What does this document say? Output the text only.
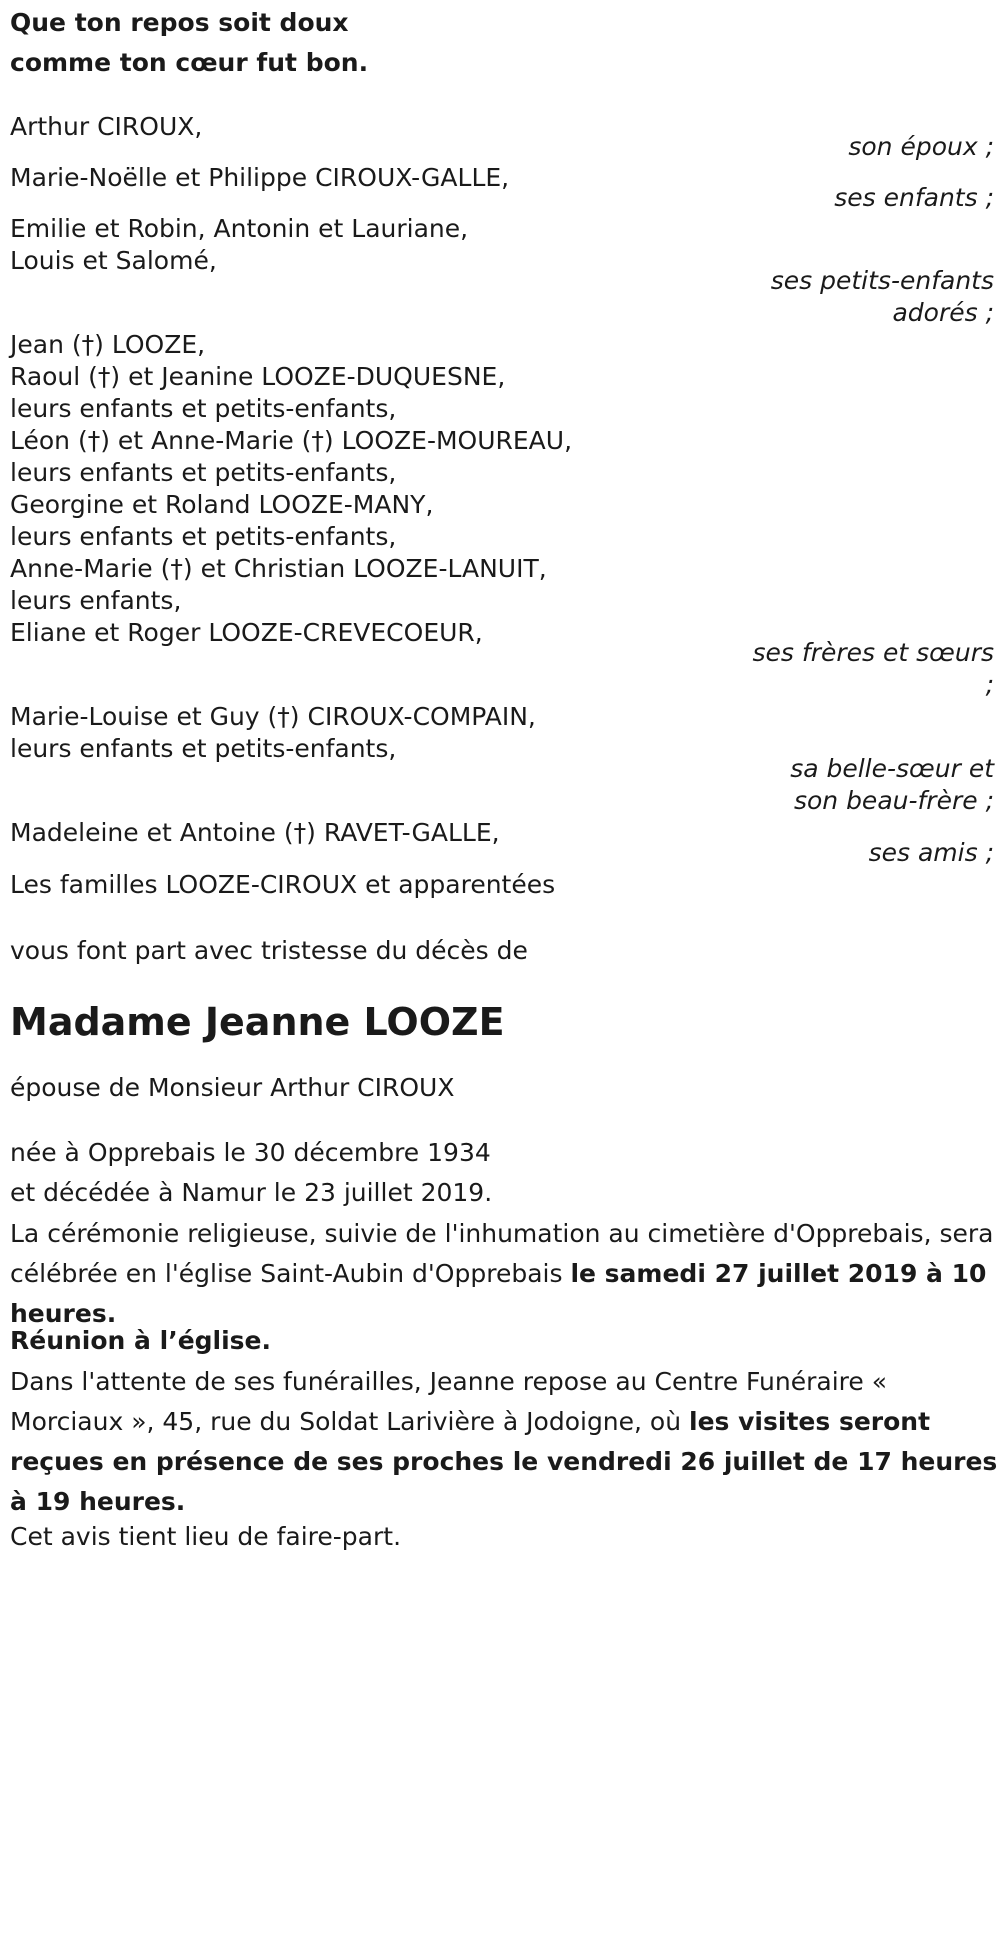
Que ton repos soit doux
comme ton cœur fut bon.
Arthur CIROUX,
son époux ;
Marie-Noëlle et Philippe CIROUX-GALLE,
ses enfants ;
Emilie et Robin, Antonin et Lauriane,
Louis et Salomé,
ses petits-enfants
adorés ;
Jean (†) LOOZE,
Raoul (†) et Jeanine LOOZE-DUQUESNE,
leurs enfants et petits-enfants,
Léon (†) et Anne-Marie (†) LOOZE-MOUREAU,
leurs enfants et petits-enfants,
Georgine et Roland LOOZE-MANY,
leurs enfants et petits-enfants,
Anne-Marie (†) et Christian LOOZE-LANUIT,
leurs enfants,
Eliane et Roger LOOZE-CREVECOEUR,
ses frères et sœurs
;
Marie-Louise et Guy (†) CIROUX-COMPAIN,
leurs enfants et petits-enfants,
sa belle-sœur et
son beau-frère ;
Madeleine et Antoine (†) RAVET-GALLE,
ses amis ;
Les familles LOOZE-CIROUX et apparentées
vous font part avec tristesse du décès de
Madame Jeanne LOOZE
épouse de Monsieur Arthur CIROUX
née à Opprebais le 30 décembre 1934
et décédée à Namur le 23 juillet 2019.
La cérémonie religieuse, suivie de l'inhumation au cimetière d'Opprebais, sera célébrée en l'église Saint-Aubin d'Opprebais le samedi 27 juillet 2019 à 10 heures.
Réunion à l’église.
Dans l'attente de ses funérailles, Jeanne repose au Centre Funéraire « Morciaux », 45, rue du Soldat Larivière à Jodoigne, où les visites seront reçues en présence de ses proches le vendredi 26 juillet de 17 heures à 19 heures.
Cet avis tient lieu de faire-part.
